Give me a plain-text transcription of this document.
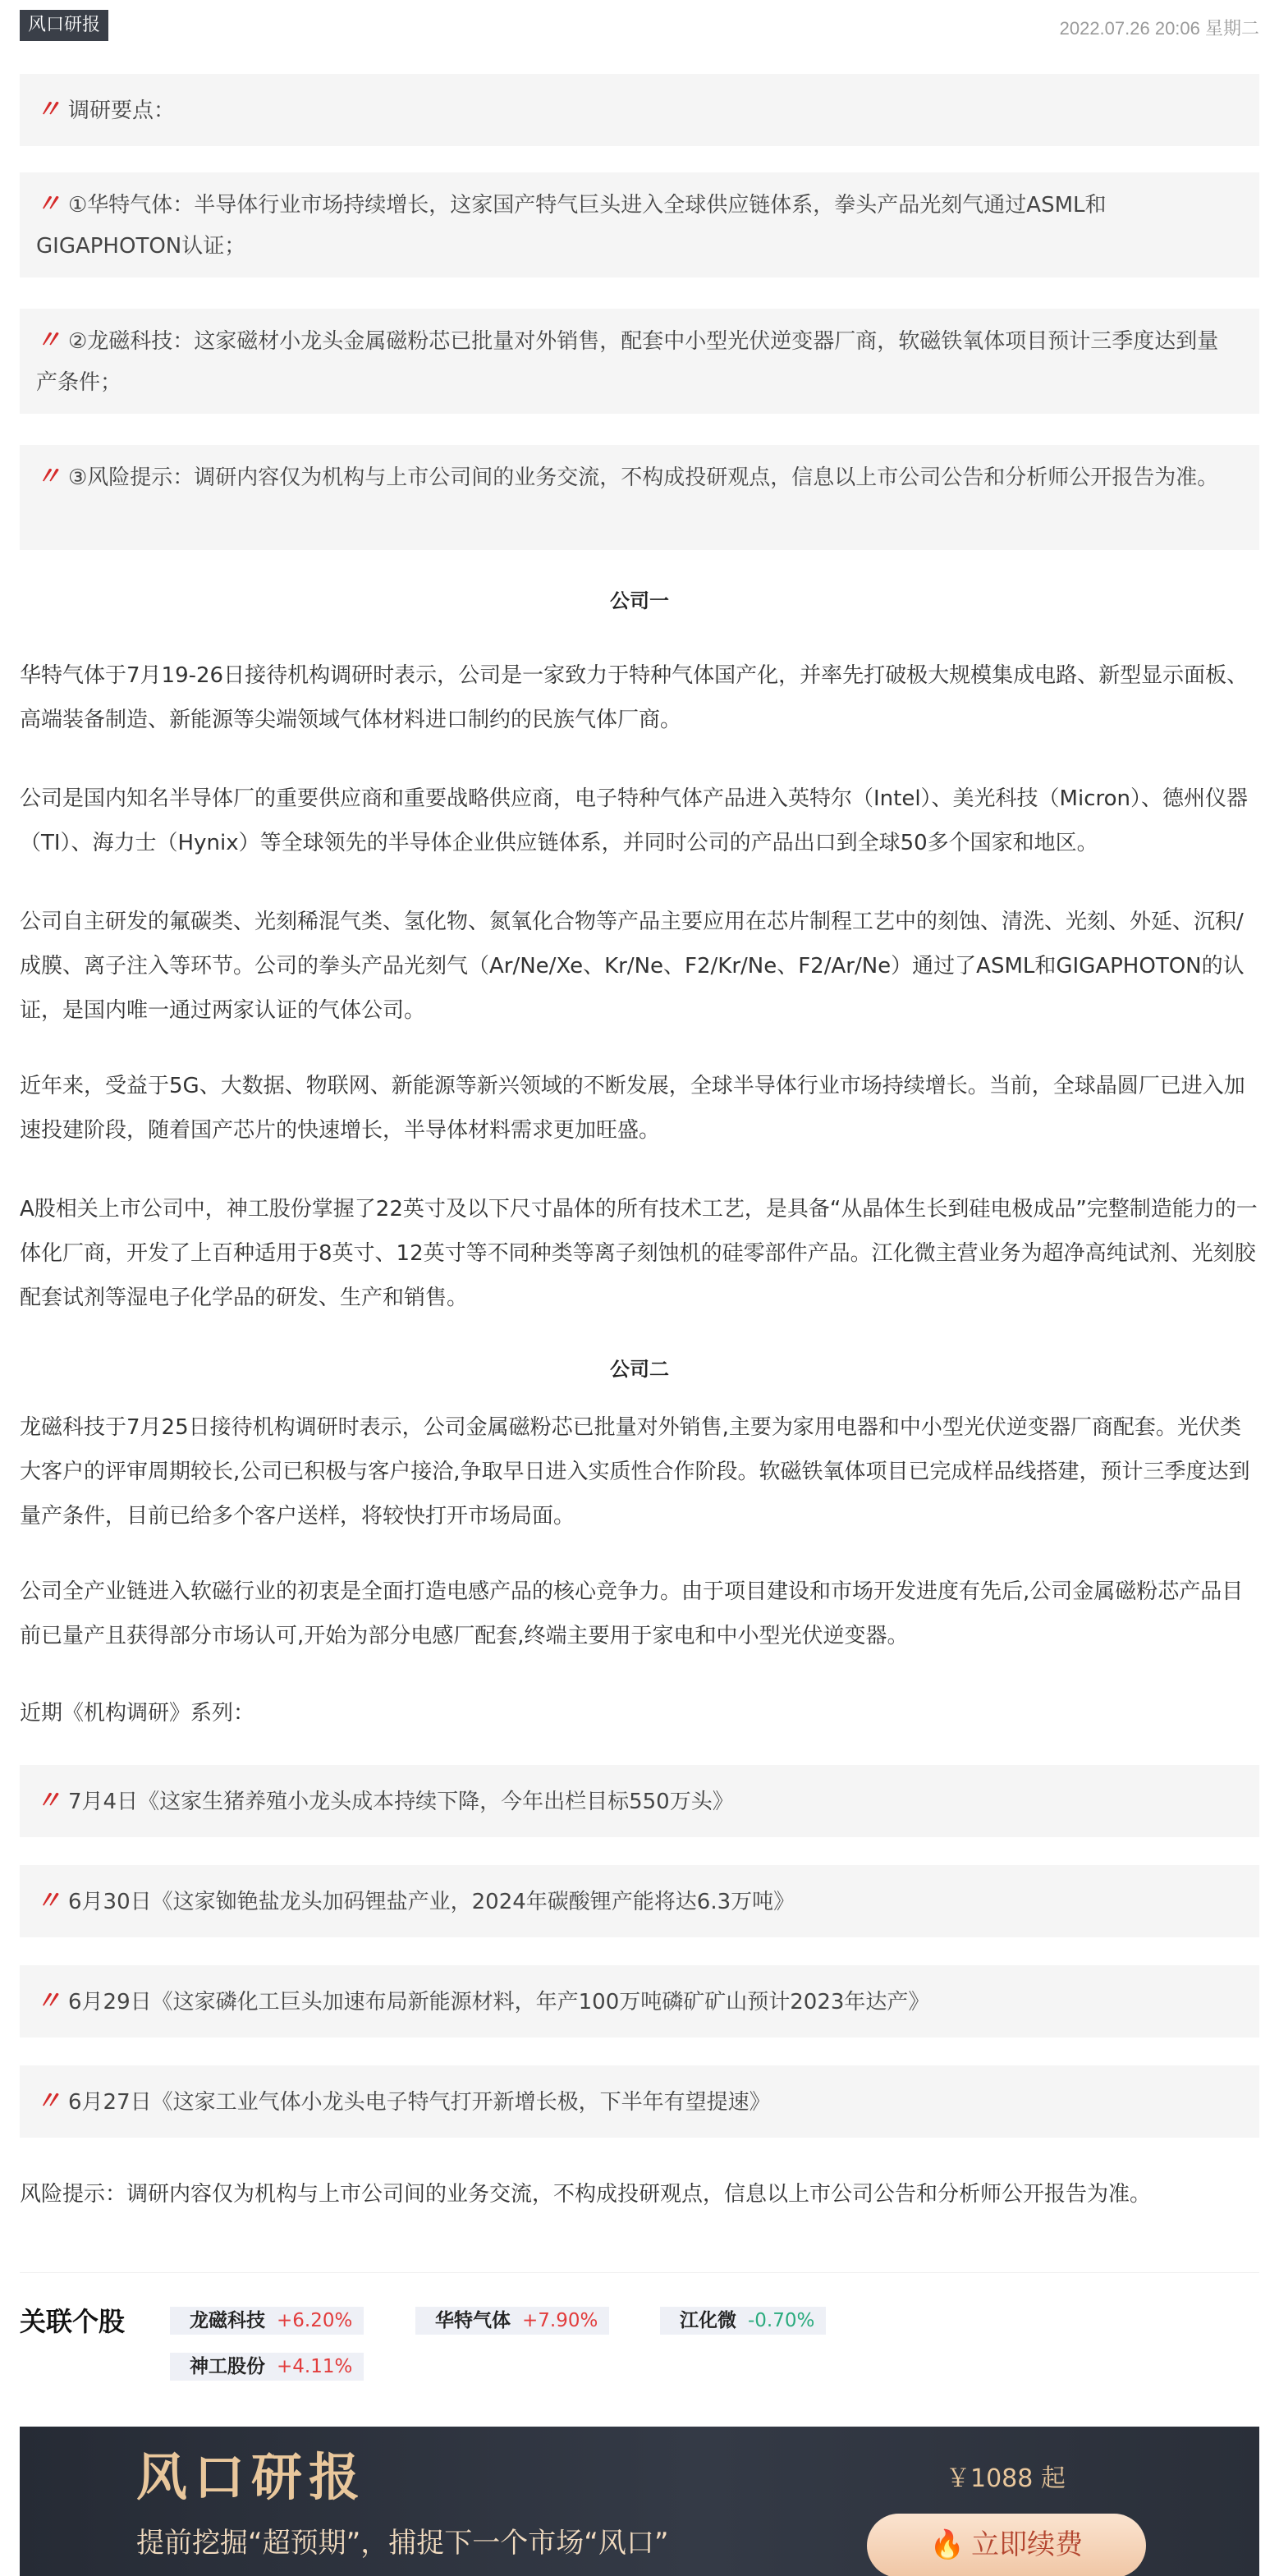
风口研报	2022.07.26 20:06 星期二
〃 调研要点：
〃 ①华特气体：半导体行业市场持续增长，这家国产特气巨头进入全球供应链体系，拳头产品光刻气通过ASML和GIGAPHOTON认证；
〃 ②龙磁科技：这家磁材小龙头金属磁粉芯已批量对外销售，配套中小型光伏逆变器厂商，软磁铁氧体项目预计三季度达到量产条件；
〃 ③风险提示：调研内容仅为机构与上市公司间的业务交流，不构成投研观点，信息以上市公司公告和分析师公开报告为准。
公司一

华特气体于7月19-26日接待机构调研时表示，公司是一家致力于特种气体国产化，并率先打破极大规模集成电路、新型显示面板、高端装备制造、新能源等尖端领域气体材料进口制约的民族气体厂商。

公司是国内知名半导体厂的重要供应商和重要战略供应商，电子特种气体产品进入英特尔（Intel）、美光科技（Micron）、德州仪器（TI）、海力士（Hynix）等全球领先的半导体企业供应链体系，并同时公司的产品出口到全球50多个国家和地区。

公司自主研发的氟碳类、光刻稀混气类、氢化物、氮氧化合物等产品主要应用在芯片制程工艺中的刻蚀、清洗、光刻、外延、沉积/成膜、离子注入等环节。公司的拳头产品光刻气（Ar/Ne/Xe、Kr/Ne、F2/Kr/Ne、F2/Ar/Ne）通过了ASML和GIGAPHOTON的认证，是国内唯一通过两家认证的气体公司。

近年来，受益于5G、大数据、物联网、新能源等新兴领域的不断发展，全球半导体行业市场持续增长。当前，全球晶圆厂已进入加速投建阶段，随着国产芯片的快速增长，半导体材料需求更加旺盛。

A股相关上市公司中，神工股份掌握了22英寸及以下尺寸晶体的所有技术工艺，是具备“从晶体生长到硅电极成品”完整制造能力的一体化厂商，开发了上百种适用于8英寸、12英寸等不同种类等离子刻蚀机的硅零部件产品。江化微主营业务为超净高纯试剂、光刻胶配套试剂等湿电子化学品的研发、生产和销售。

公司二

龙磁科技于7月25日接待机构调研时表示，公司金属磁粉芯已批量对外销售,主要为家用电器和中小型光伏逆变器厂商配套。光伏类大客户的评审周期较长,公司已积极与客户接洽,争取早日进入实质性合作阶段。软磁铁氧体项目已完成样品线搭建，预计三季度达到量产条件，目前已给多个客户送样，将较快打开市场局面。

公司全产业链进入软磁行业的初衷是全面打造电感产品的核心竞争力。由于项目建设和市场开发进度有先后,公司金属磁粉芯产品目前已量产且获得部分市场认可,开始为部分电感厂配套,终端主要用于家电和中小型光伏逆变器。

近期《机构调研》系列：

〃 7月4日《这家生猪养殖小龙头成本持续下降，今年出栏目标550万头》
〃 6月30日《这家铷铯盐龙头加码锂盐产业，2024年碳酸锂产能将达6.3万吨》
〃 6月29日《这家磷化工巨头加速布局新能源材料，年产100万吨磷矿矿山预计2023年达产》
〃 6月27日《这家工业气体小龙头电子特气打开新增长极，下半年有望提速》

风险提示：调研内容仅为机构与上市公司间的业务交流，不构成投研观点，信息以上市公司公告和分析师公开报告为准。

关联个股	龙磁科技 +6.20%	华特气体 +7.90%	江化微 -0.70%
神工股份 +4.11%
风口研报
提前挖掘“超预期”，捕捉下一个市场“风口”
￥1088 起
🔥 立即续费
